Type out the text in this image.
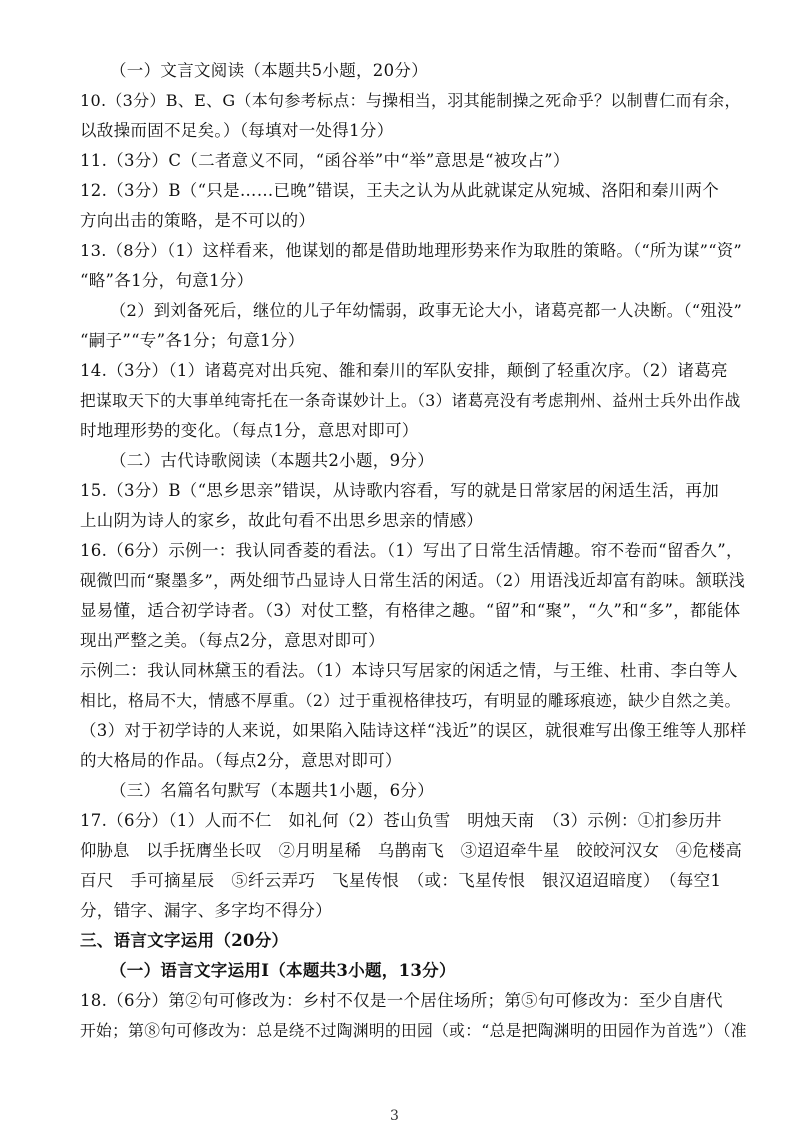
（一）文言文阅读（本题共5小题，20分）
10.（3分）B、E、G（本句参考标点：与操相当，羽其能制操之死命乎？以制曹仁而有余，
以敌操而固不足矣。）（每填对一处得1分）
11.（3分）C（二者意义不同，“函谷举”中“举”意思是“被攻占”）
12.（3分）B（“只是……已晚”错误，王夫之认为从此就谋定从宛城、洛阳和秦川两个
方向出击的策略，是不可以的）
13.（8分）（1）这样看来，他谋划的都是借助地理形势来作为取胜的策略。（“所为谋”“资”
“略”各1分，句意1分）
（2）到刘备死后，继位的儿子年幼懦弱，政事无论大小，诸葛亮都一人决断。（“殂没”
“嗣子”“专”各1分；句意1分）
14.（3分）（1）诸葛亮对出兵宛、雒和秦川的军队安排，颠倒了轻重次序。（2）诸葛亮
把谋取天下的大事单纯寄托在一条奇谋妙计上。（3）诸葛亮没有考虑荆州、益州士兵外出作战
时地理形势的变化。（每点1分，意思对即可）
（二）古代诗歌阅读（本题共2小题，9分）
15.（3分）B（“思乡思亲”错误，从诗歌内容看，写的就是日常家居的闲适生活，再加
上山阴为诗人的家乡，故此句看不出思乡思亲的情感）
16.（6分）示例一：我认同香菱的看法。（1）写出了日常生活情趣。帘不卷而“留香久”，
砚微凹而“聚墨多”，两处细节凸显诗人日常生活的闲适。（2）用语浅近却富有韵味。颔联浅
显易懂，适合初学诗者。（3）对仗工整，有格律之趣。“留”和“聚”，“久”和“多”，都能体
现出严整之美。（每点2分，意思对即可）
示例二：我认同林黛玉的看法。（1）本诗只写居家的闲适之情，与王维、杜甫、李白等人
相比，格局不大，情感不厚重。（2）过于重视格律技巧，有明显的雕琢痕迹，缺少自然之美。
（3）对于初学诗的人来说，如果陷入陆诗这样“浅近”的误区，就很难写出像王维等人那样
的大格局的作品。（每点2分，意思对即可）
（三）名篇名句默写（本题共1小题，6分）
17.（6分）（1）人而不仁　如礼何（2）苍山负雪　明烛天南　（3）示例：①扪参历井
仰胁息　以手抚膺坐长叹　②月明星稀　乌鹊南飞　③迢迢牵牛星　皎皎河汉女　④危楼高
百尺　手可摘星辰　⑤纤云弄巧　飞星传恨　（或：飞星传恨　银汉迢迢暗度）　（每空1
分，错字、漏字、多字均不得分）
三、语言文字运用（20分）
（一）语言文字运用Ⅰ（本题共3小题，13分）
18.（6分）第②句可修改为：乡村不仅是一个居住场所；第⑤句可修改为：至少自唐代
开始；第⑧句可修改为：总是绕不过陶渊明的田园（或：“总是把陶渊明的田园作为首选”）（准
3
